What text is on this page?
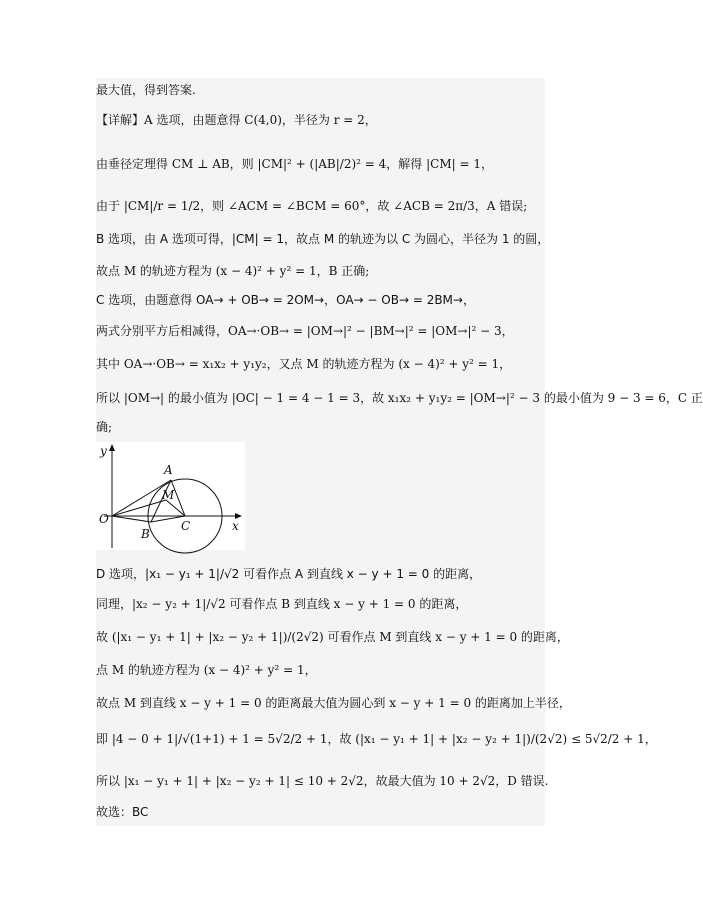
最大值，得到答案.
【详解】A 选项，由题意得 C(4,0)，半径为 r = 2，
由垂径定理得 CM ⊥ AB，则 |CM|² + (|AB|/2)² = 4，解得 |CM| = 1，
由于 |CM|/r = 1/2，则 ∠ACM = ∠BCM = 60°，故 ∠ACB = 2π/3，A 错误;
B 选项，由 A 选项可得，|CM| = 1，故点 M 的轨迹为以 C 为圆心，半径为 1 的圆，
故点 M 的轨迹方程为 (x − 4)² + y² = 1，B 正确;
C 选项，由题意得 OA→ + OB→ = 2OM→，OA→ − OB→ = 2BM→，
两式分别平方后相减得，OA→·OB→ = |OM→|² − |BM→|² = |OM→|² − 3，
其中 OA→·OB→ = x₁x₂ + y₁y₂，又点 M 的轨迹方程为 (x − 4)² + y² = 1，
所以 |OM→| 的最小值为 |OC| − 1 = 4 − 1 = 3，故 x₁x₂ + y₁y₂ = |OM→|² − 3 的最小值为 9 − 3 = 6，C 正
确;
y
x
O
A
B
M
C
D 选项，|x₁ − y₁ + 1|/√2 可看作点 A 到直线 x − y + 1 = 0 的距离，
同理，|x₂ − y₂ + 1|/√2 可看作点 B 到直线 x − y + 1 = 0 的距离，
故 (|x₁ − y₁ + 1| + |x₂ − y₂ + 1|)/(2√2) 可看作点 M 到直线 x − y + 1 = 0 的距离，
点 M 的轨迹方程为 (x − 4)² + y² = 1，
故点 M 到直线 x − y + 1 = 0 的距离最大值为圆心到 x − y + 1 = 0 的距离加上半径，
即 |4 − 0 + 1|/√(1+1) + 1 = 5√2/2 + 1，故 (|x₁ − y₁ + 1| + |x₂ − y₂ + 1|)/(2√2) ≤ 5√2/2 + 1，
所以 |x₁ − y₁ + 1| + |x₂ − y₂ + 1| ≤ 10 + 2√2，故最大值为 10 + 2√2，D 错误.
故选：BC
